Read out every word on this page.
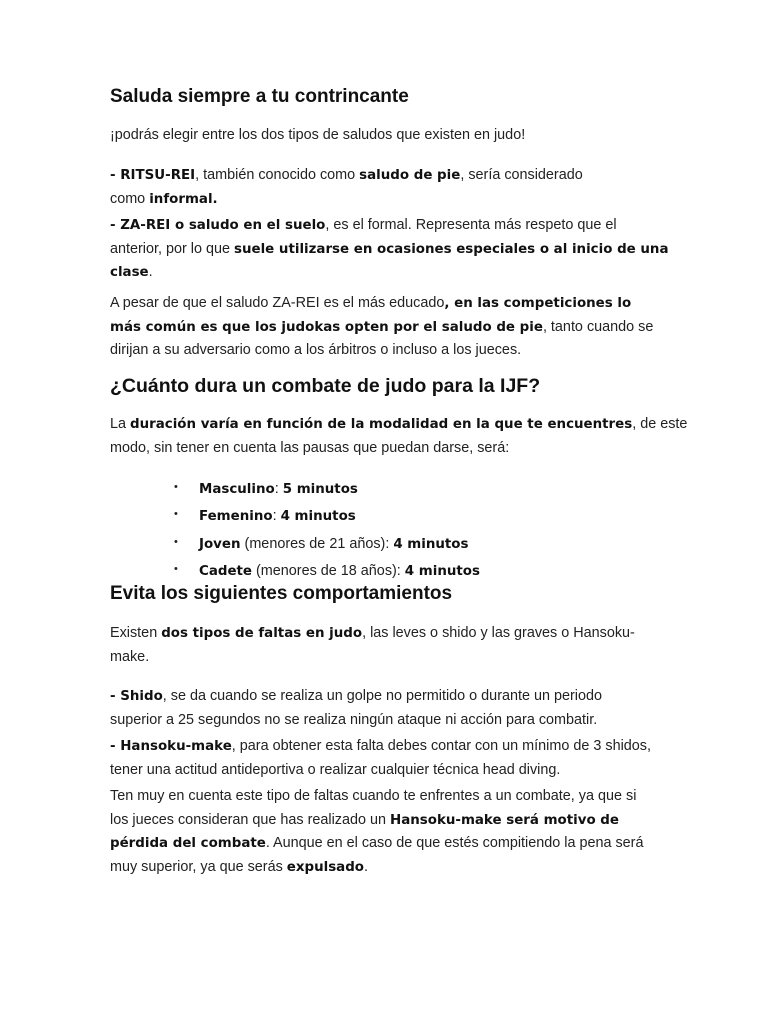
Saluda siempre a tu contrincante
¡podrás elegir entre los dos tipos de saludos que existen en judo!
- RITSU-REI, también conocido como saludo de pie, sería considerado
como informal.
- ZA-REI o saludo en el suelo, es el formal. Representa más respeto que el
anterior, por lo que suele utilizarse en ocasiones especiales o al inicio de una
clase.
A pesar de que el saludo ZA-REI es el más educado, en las competiciones lo
más común es que los judokas opten por el saludo de pie, tanto cuando se
dirijan a su adversario como a los árbitros o incluso a los jueces.
¿Cuánto dura un combate de judo para la IJF?
La duración varía en función de la modalidad en la que te encuentres, de este
modo, sin tener en cuenta las pausas que puedan darse, será:
• Masculino: 5 minutos
• Femenino: 4 minutos
• Joven (menores de 21 años): 4 minutos
• Cadete (menores de 18 años): 4 minutos
Evita los siguientes comportamientos
Existen dos tipos de faltas en judo, las leves o shido y las graves o Hansoku-
make.
- Shido, se da cuando se realiza un golpe no permitido o durante un periodo
superior a 25 segundos no se realiza ningún ataque ni acción para combatir.
- Hansoku-make, para obtener esta falta debes contar con un mínimo de 3 shidos,
tener una actitud antideportiva o realizar cualquier técnica head diving.
Ten muy en cuenta este tipo de faltas cuando te enfrentes a un combate, ya que si
los jueces consideran que has realizado un Hansoku-make será motivo de
pérdida del combate. Aunque en el caso de que estés compitiendo la pena será
muy superior, ya que serás expulsado.
